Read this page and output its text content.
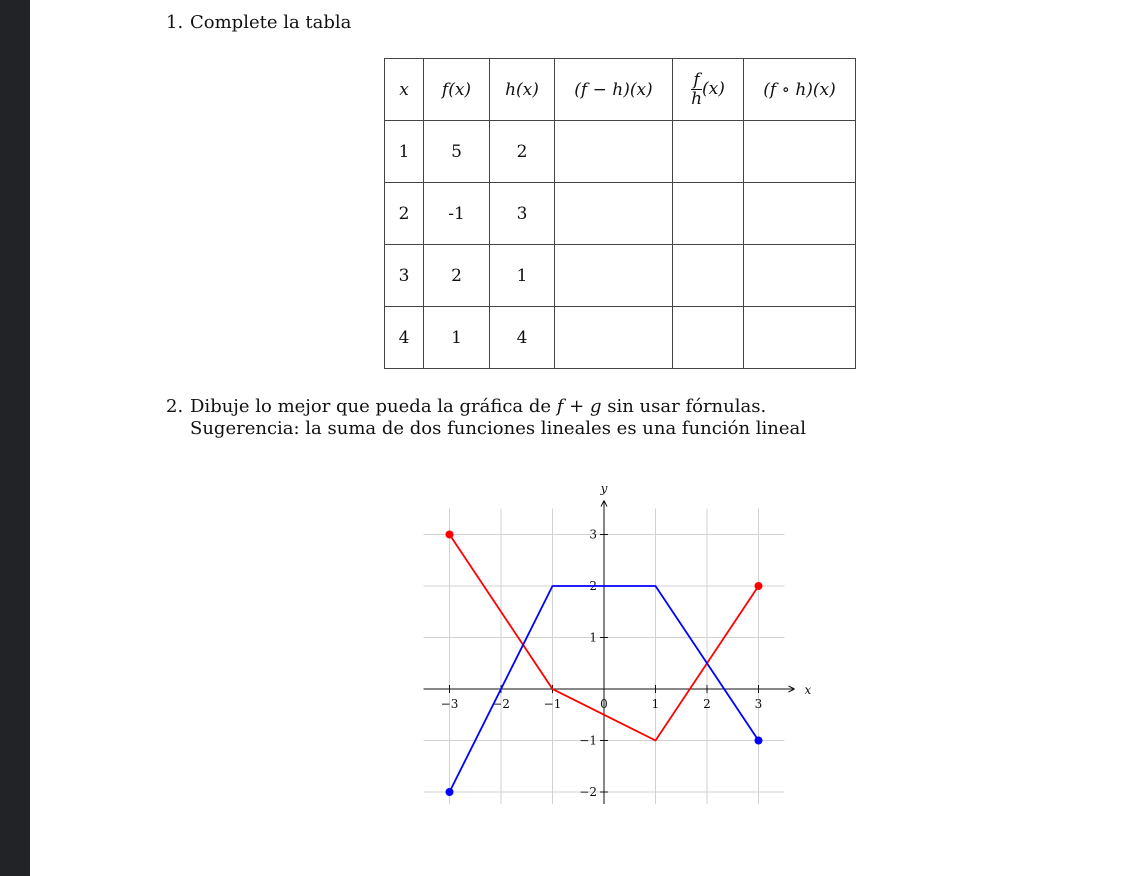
1. Complete la tabla
x	f(x)	h(x)	(f − h)(x)	$\frac{f}{h} (x)$	(f ∘ h)(x)
1	5	2			
2	-1	3			
3	2	1			
4	1	4			
2. Dibuje lo mejor que pueda la gráfica de f + g sin usar fórnulas.
Sugerencia: la suma de dos funciones lineales es una función lineal
−3	−2	−1	0	1	2	3
−2
−1
1
2
3
x
y
